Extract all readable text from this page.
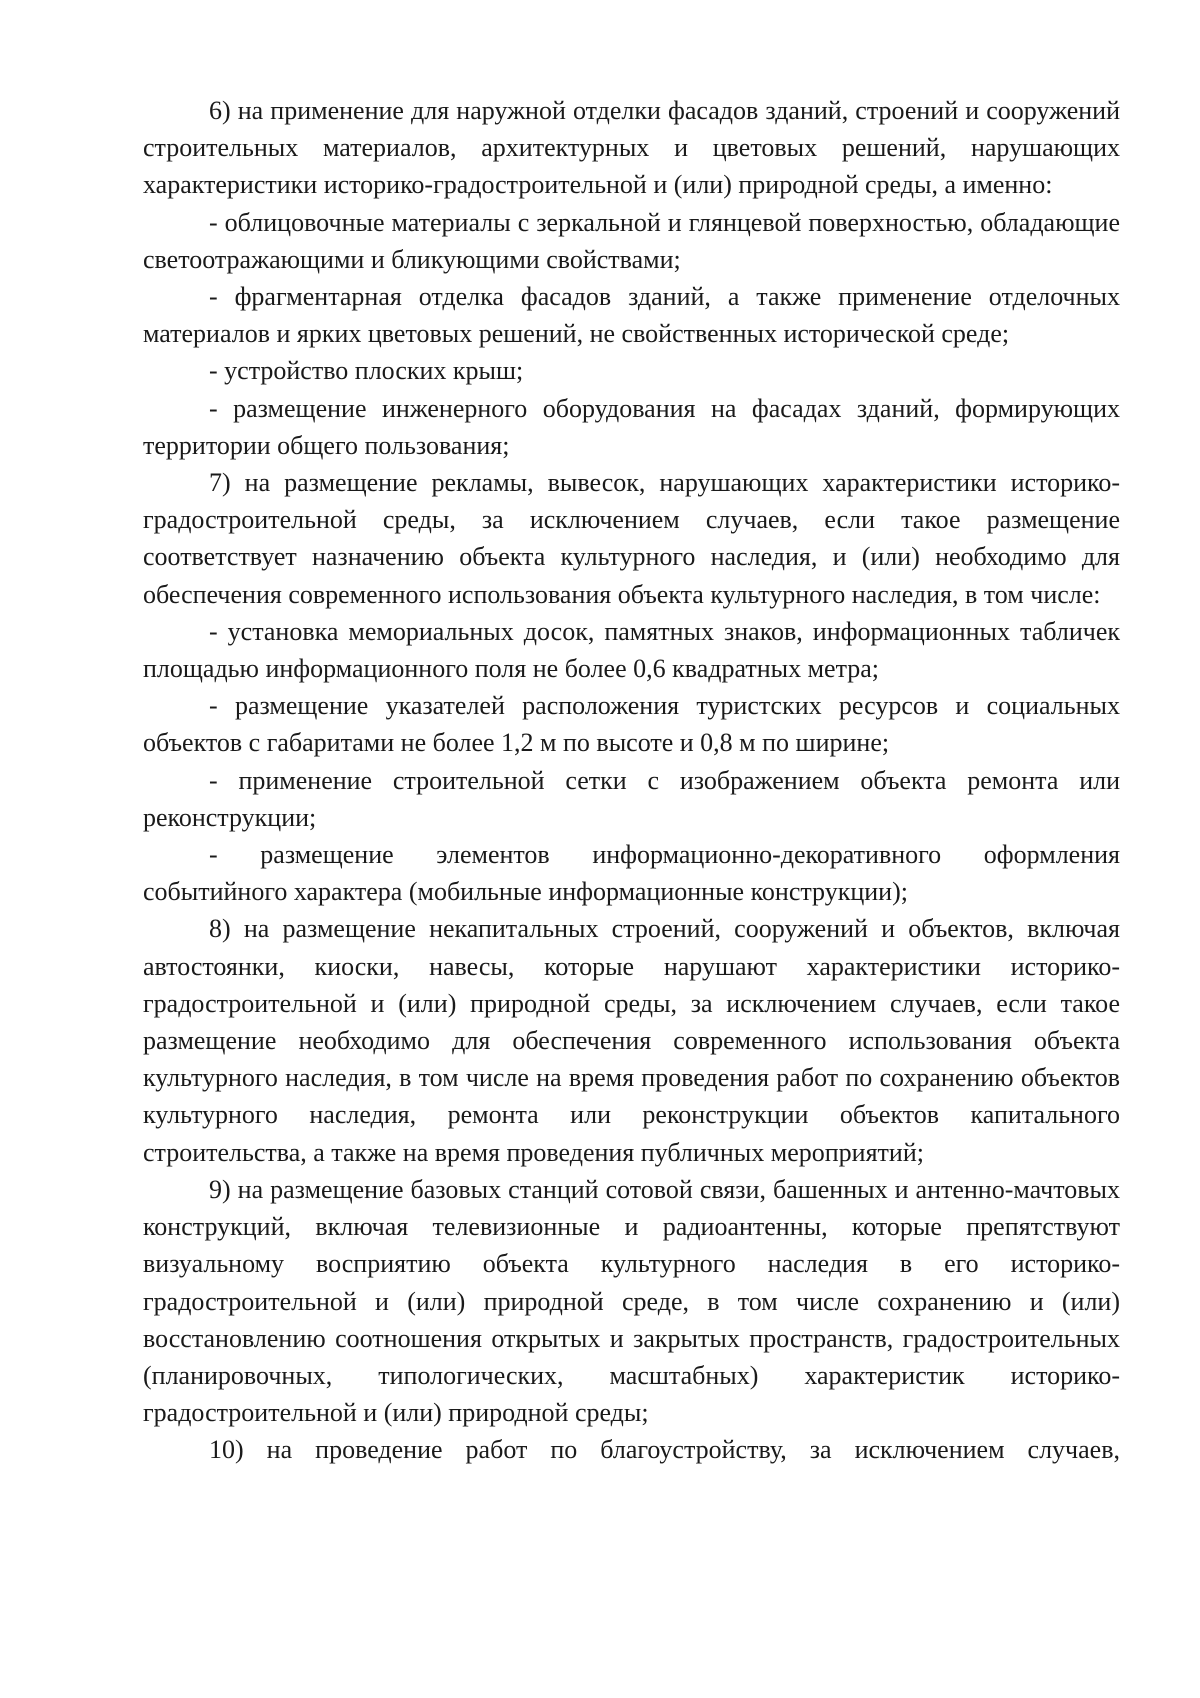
6) на применение для наружной отделки фасадов зданий, строений и сооружений строительных материалов, архитектурных и цветовых решений, нарушающих характеристики историко-градостроительной и (или) природной среды, а именно:

- облицовочные материалы с зеркальной и глянцевой поверхностью, обладающие светоотражающими и бликующими свойствами;

- фрагментарная отделка фасадов зданий, а также применение отделочных материалов и ярких цветовых решений, не свойственных исторической среде;

- устройство плоских крыш;

- размещение инженерного оборудования на фасадах зданий, формирующих территории общего пользования;

7) на размещение рекламы, вывесок, нарушающих характеристики историко-градостроительной среды, за исключением случаев, если такое размещение соответствует назначению объекта культурного наследия, и (или) необходимо для обеспечения современного использования объекта культурного наследия, в том числе:

- установка мемориальных досок, памятных знаков, информационных табличек площадью информационного поля не более 0,6 квадратных метра;

- размещение указателей расположения туристских ресурсов и социальных объектов с габаритами не более 1,2 м по высоте и 0,8 м по ширине;

- применение строительной сетки с изображением объекта ремонта или реконструкции;

- размещение элементов информационно-декоративного оформления событийного характера (мобильные информационные конструкции);

8) на размещение некапитальных строений, сооружений и объектов, включая автостоянки, киоски, навесы, которые нарушают характеристики историко-градостроительной и (или) природной среды, за исключением случаев, если такое размещение необходимо для обеспечения современного использования объекта культурного наследия, в том числе на время проведения работ по сохранению объектов культурного наследия, ремонта или реконструкции объектов капитального строительства, а также на время проведения публичных мероприятий;

9) на размещение базовых станций сотовой связи, башенных и антенно-мачтовых конструкций, включая телевизионные и радиоантенны, которые препятствуют визуальному восприятию объекта культурного наследия в его историко-градостроительной и (или) природной среде, в том числе сохранению и (или) восстановлению соотношения открытых и закрытых пространств, градостроительных (планировочных, типологических, масштабных) характеристик историко-градостроительной и (или) природной среды;

10) на проведение работ по благоустройству, за исключением случаев,
